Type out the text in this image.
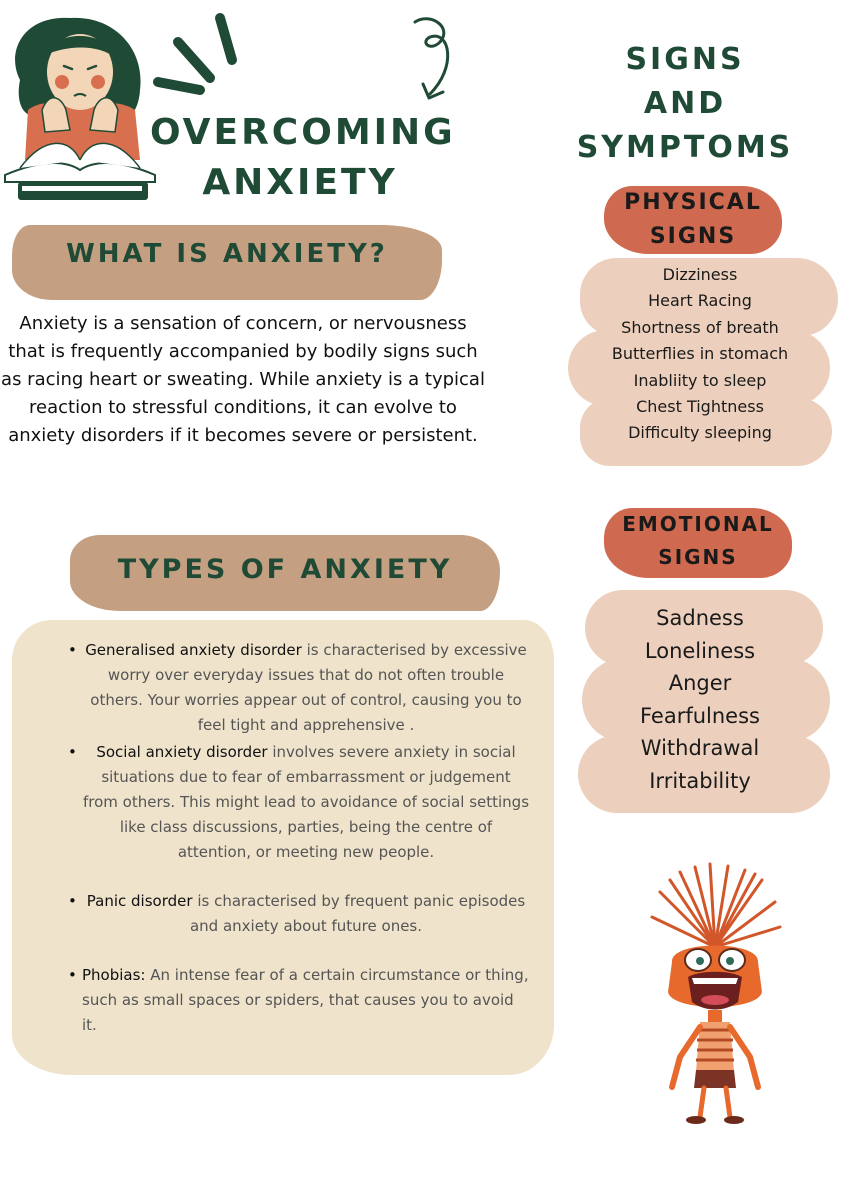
OVERCOMING
ANXIETY
WHAT IS ANXIETY?
Anxiety is a sensation of concern, or nervousness that is frequently accompanied by bodily signs such as racing heart or sweating. While anxiety is a typical reaction to stressful conditions, it can evolve to anxiety disorders if it becomes severe or persistent.
TYPES OF ANXIETY
• Generalised anxiety disorder is characterised by excessive worry over everyday issues that do not often trouble others. Your worries appear out of control, causing you to feel tight and apprehensive .
• Social anxiety disorder involves severe anxiety in social situations due to fear of embarrassment or judgement from others. This might lead to avoidance of social settings like class discussions, parties, being the centre of attention, or meeting new people.
• Panic disorder is characterised by frequent panic episodes and anxiety about future ones.
• Phobias: An intense fear of a certain circumstance or thing, such as small spaces or spiders, that causes you to avoid it.
SIGNS
AND
SYMPTOMS
PHYSICAL
SIGNS
Dizziness
Heart Racing
Shortness of breath
Butterflies in stomach
Inabliity to sleep
Chest Tightness
Difficulty sleeping
EMOTIONAL
SIGNS
Sadness
Loneliness
Anger
Fearfulness
Withdrawal
Irritability
